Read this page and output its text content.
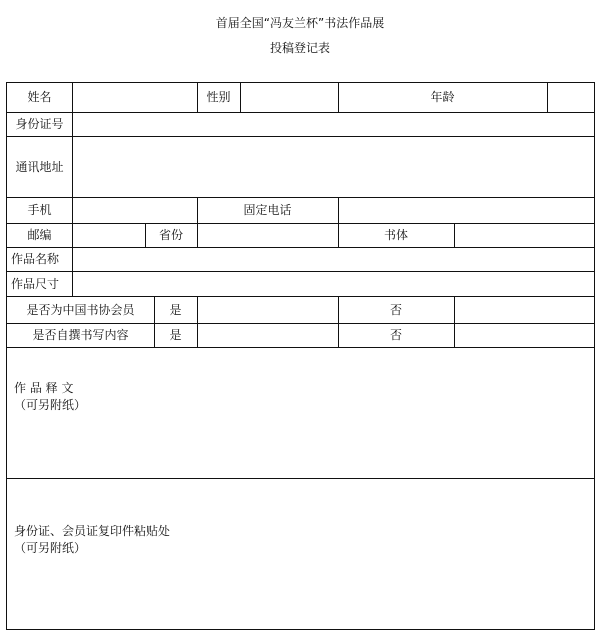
首届全国“冯友兰杯”书法作品展
投稿登记表
姓名	性别	年龄
身份证号
通讯地址
手机	固定电话
邮编	省份	书体
作品名称
作品尺寸
是否为中国书协会员	是	否
是否自撰书写内容	是	否
作 品 释 文
（可另附纸）
身份证、会员证复印件粘贴处
（可另附纸）
